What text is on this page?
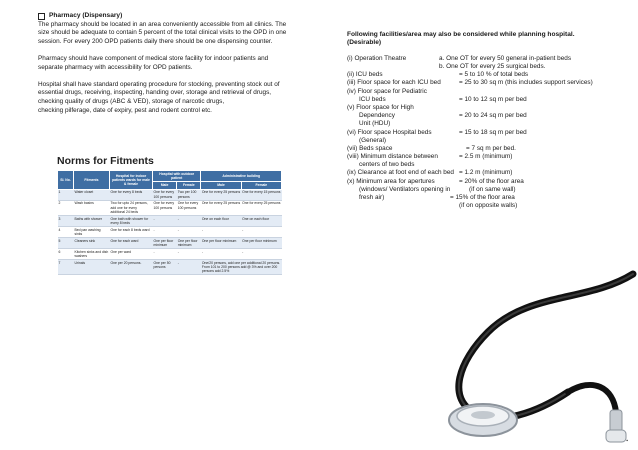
Pharmacy (Dispensary)

The pharmacy should be located in an area conveniently accessible from all clinics. The

size should be adequate to contain 5 percent of the total clinical visits to the OPD in one

session. For every 200 OPD patients daily there should be one dispensing counter.

Pharmacy should have component of medical store facility for indoor patients and

separate pharmacy with accessibility for OPD patients.

Hospital shall have standard operating procedure for stocking, preventing stock out of

essential drugs, receiving, inspecting, handing over, storage and retrieval of drugs,

checking quality of drugs (ABC & VED), storage of narcotic drugs,

checking pilferage, date of expiry, pest and rodent control etc.

Norms for Fitments
Sl. No.	Fitments	Hospital for indoor patients wards for male & female	Hospital with outdoor patient		Administrative building	
			Male	Female	Male	Female
1	Water closet	One for every 8 beds	One for every 100 persons	Two per 100 persons	One for every 25 persons	One for every 15 persons
2	Wash basins	Two for upto 24 persons, add one for every additional 24 beds	One for every 100 persons	One for every 100 persons	One for every 25 persons	One for every 25 persons
3	Baths with shower	One bath with shower for every 8 beds	-	-	One on each floor	One on each floor
4	Bed pan washing sinks	One for each 8 beds ward	-	-	-	-
5	Cleaners sink	One for each ward	One per floor minimum	One per floor minimum	One per floor minimum	One per floor minimum
6	Kitchen sinks and dish washers	One per ward	-	-	-	-
7	Urinals	One per 20 persons.	One per 50 persons	-	One/20 persons, add one per additional 20 persons. From 101 to 200 persons add @ 3% and over 200 persons add 2.5%	

Following facilities/area may also be considered while planning hospital.

(Desirable)

(i) Operation Theatre	a. One OT for every 50 general in-patient beds
b. One OT for every 25 surgical beds.
(ii) ICU beds	= 5 to 10 % of total beds
(iii) Floor space for each ICU bed	= 25 to 30 sq m (this includes support services)
(iv) Floor space for Pediatric
ICU beds	= 10 to 12 sq m per bed
(v) Floor space for High
Dependency	= 20 to 24 sq m per bed
Unit (HDU)
(vi) Floor space Hospital beds	= 15 to 18 sq m per bed
(General)
(vii) Beds space	= 7 sq m per bed.
(viii) Minimum distance between	= 2.5 m (minimum)
centers of two beds
(ix) Clearance at foot end of each bed = 1.2 m (minimum)
(x) Minimum area for apertures	= 20% of the floor area
(windows/ Ventilators opening in	(if on same wall)
fresh air)	= 15% of the floor area
(if on opposite walls)
▪
